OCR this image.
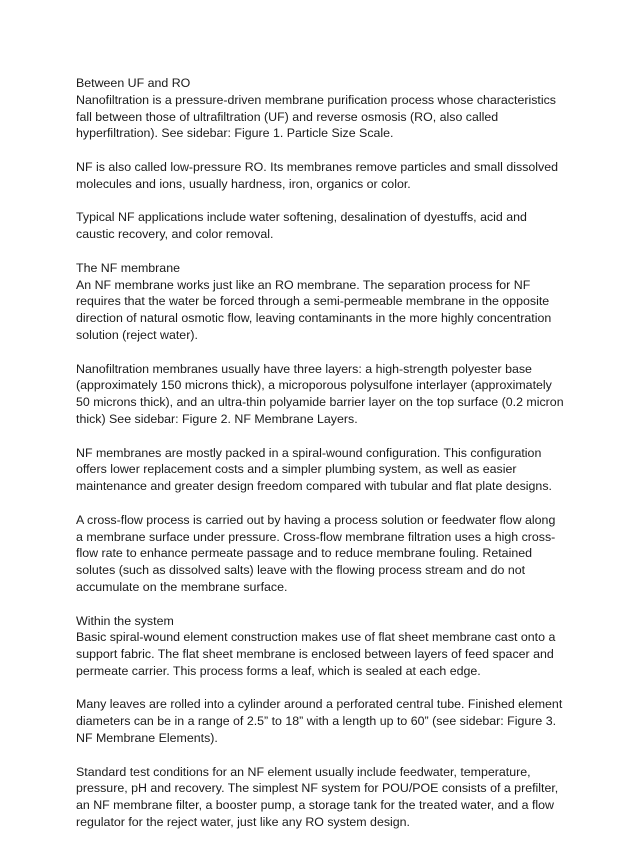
Between UF and RO
Nanofiltration is a pressure-driven membrane purification process whose characteristics fall between those of ultrafiltration (UF) and reverse osmosis (RO, also called hyperfiltration). See sidebar: Figure 1. Particle Size Scale.
NF is also called low-pressure RO. Its membranes remove particles and small dissolved molecules and ions, usually hardness, iron, organics or color.
Typical NF applications include water softening, desalination of dyestuffs, acid and caustic recovery, and color removal.
The NF membrane
An NF membrane works just like an RO membrane. The separation process for NF requires that the water be forced through a semi-permeable membrane in the opposite direction of natural osmotic flow, leaving contaminants in the more highly concentration solution (reject water).
Nanofiltration membranes usually have three layers: a high-strength polyester base (approximately 150 microns thick), a microporous polysulfone interlayer (approximately 50 microns thick), and an ultra-thin polyamide barrier layer on the top surface (0.2 micron thick) See sidebar: Figure 2. NF Membrane Layers.
NF membranes are mostly packed in a spiral-wound configuration. This configuration offers lower replacement costs and a simpler plumbing system, as well as easier maintenance and greater design freedom compared with tubular and flat plate designs.
A cross-flow process is carried out by having a process solution or feedwater flow along a membrane surface under pressure. Cross-flow membrane filtration uses a high cross-flow rate to enhance permeate passage and to reduce membrane fouling. Retained solutes (such as dissolved salts) leave with the flowing process stream and do not accumulate on the membrane surface.
Within the system
Basic spiral-wound element construction makes use of flat sheet membrane cast onto a support fabric. The flat sheet membrane is enclosed between layers of feed spacer and permeate carrier. This process forms a leaf, which is sealed at each edge.
Many leaves are rolled into a cylinder around a perforated central tube. Finished element diameters can be in a range of 2.5” to 18” with a length up to 60” (see sidebar: Figure 3. NF Membrane Elements).
Standard test conditions for an NF element usually include feedwater, temperature, pressure, pH and recovery. The simplest NF system for POU/POE consists of a prefilter, an NF membrane filter, a booster pump, a storage tank for the treated water, and a flow regulator for the reject water, just like any RO system design.
